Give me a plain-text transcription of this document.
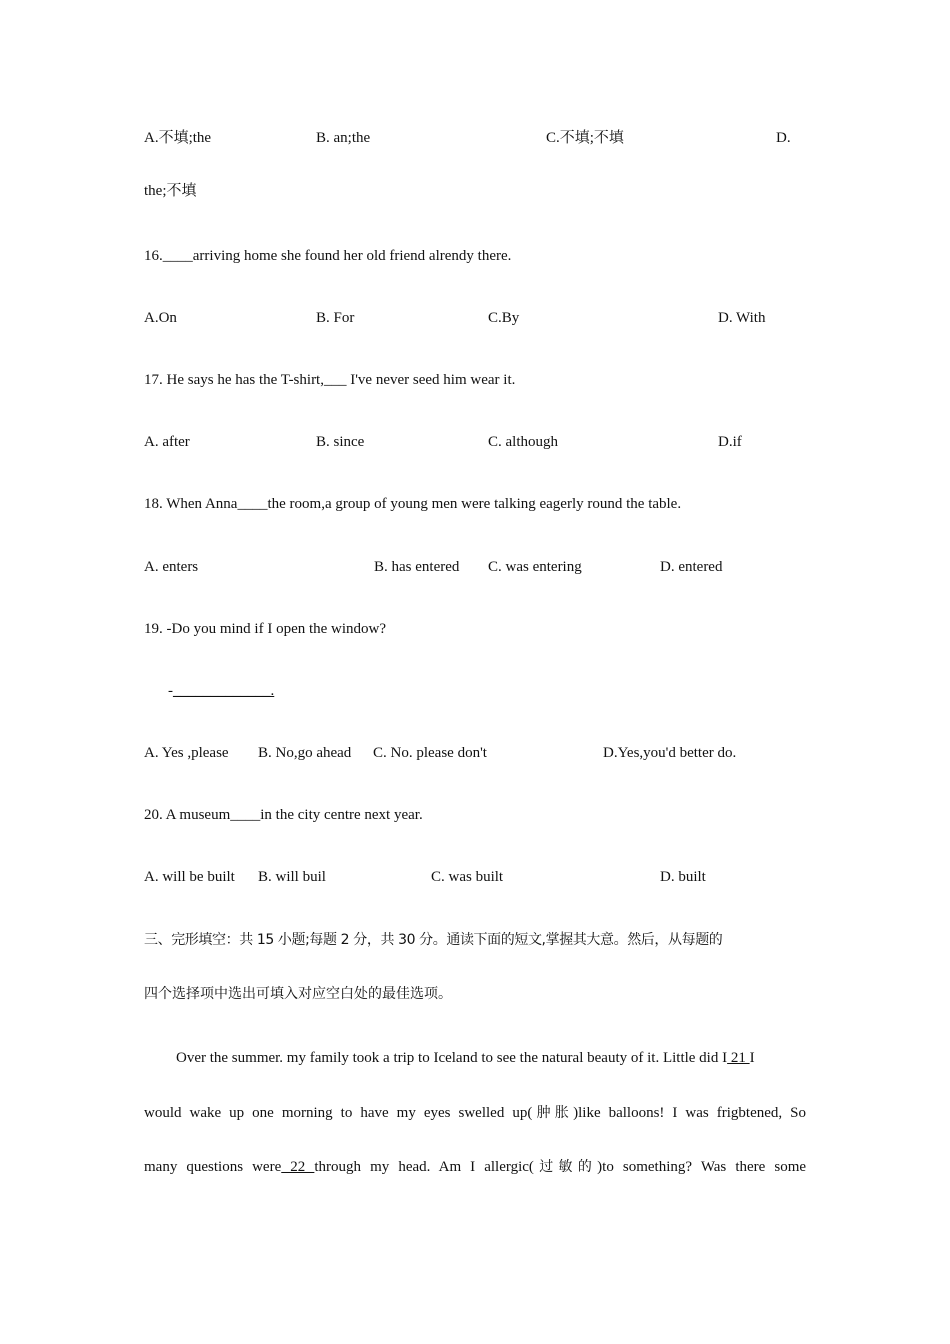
A.不填;the	B. an;the	C.不填;不填	D.
the;不填
16.____arriving home she found her old friend alrendy there.
A.On	B. For	C.By	D. With
17. He says he has the T-shirt,___ I've never seed him wear it.
A. after	B. since	C. although	D.if
18. When Anna____the room,a group of young men were talking eagerly round the table.
A. enters	B. has entered C. was entering	D. entered
19. -Do you mind if I open the window?
-_____________.
A. Yes ,please B. No,go ahead C. No. please don't	D.Yes,you'd better do.
20. A museum____in the city centre next year.
A. will be built B. will buil	C. was built	D. built
三、完形填空：共 15 小题;每题 2 分，共 30 分。通读下面的短文,掌握其大意。然后，从每题的
四个选择项中选出可填入对应空白处的最佳选项。
Over the summer. my family took a trip to Iceland to see the natural beauty of it. Little did I 21 I
would wake up one morning to have my eyes swelled up(肿胀)like balloons! I was frigbtened, So
many questions were 22 through my head. Am I allergic(过敏的)to something? Was there some
